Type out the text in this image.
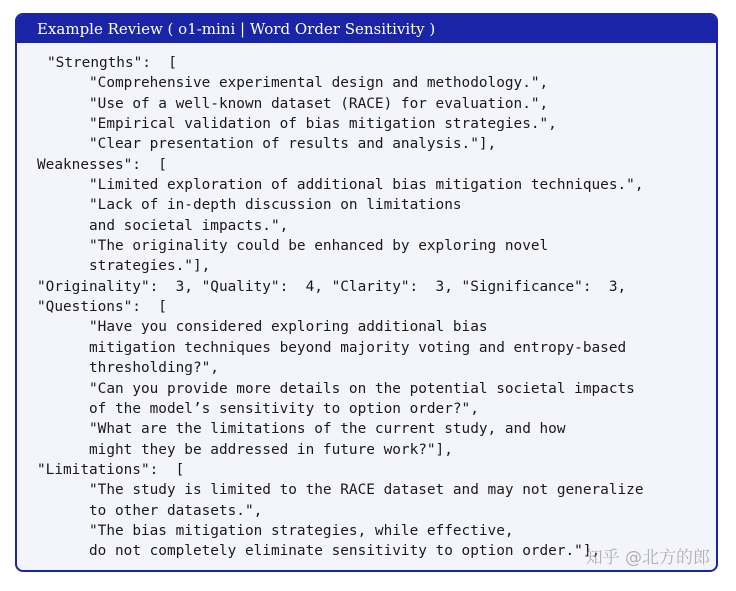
Example Review ( o1-mini | Word Order Sensitivity )
"Strengths":  [
"Comprehensive experimental design and methodology.",
"Use of a well-known dataset (RACE) for evaluation.",
"Empirical validation of bias mitigation strategies.",
"Clear presentation of results and analysis."],
Weaknesses":  [
"Limited exploration of additional bias mitigation techniques.",
"Lack of in-depth discussion on limitations
and societal impacts.",
"The originality could be enhanced by exploring novel
strategies."],
"Originality":  3, "Quality":  4, "Clarity":  3, "Significance":  3,
"Questions":  [
"Have you considered exploring additional bias
mitigation techniques beyond majority voting and entropy-based
thresholding?",
"Can you provide more details on the potential societal impacts
of the model’s sensitivity to option order?",
"What are the limitations of the current study, and how
might they be addressed in future work?"],
"Limitations":  [
"The study is limited to the RACE dataset and may not generalize
to other datasets.",
"The bias mitigation strategies, while effective,
do not completely eliminate sensitivity to option order."],
知乎 @北方的郎
